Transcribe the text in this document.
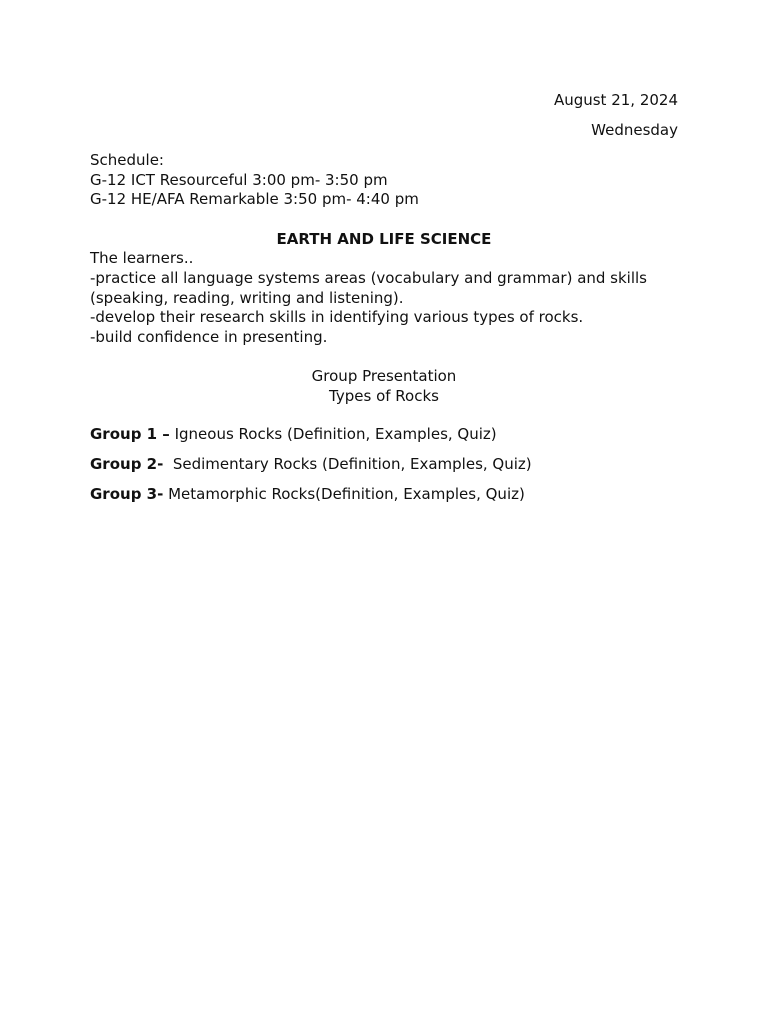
August 21, 2024
Wednesday
Schedule:
G-12 ICT Resourceful 3:00 pm- 3:50 pm
G-12 HE/AFA Remarkable 3:50 pm- 4:40 pm
EARTH AND LIFE SCIENCE

The learners..

-practice all language systems areas (vocabulary and grammar) and skills

(speaking, reading, writing and listening).

-develop their research skills in identifying various types of rocks.

-build confidence in presenting.

Group Presentation
Types of Rocks
Group 1 – Igneous Rocks (Definition, Examples, Quiz)
Group 2-  Sedimentary Rocks (Definition, Examples, Quiz)
Group 3- Metamorphic Rocks(Definition, Examples, Quiz)
